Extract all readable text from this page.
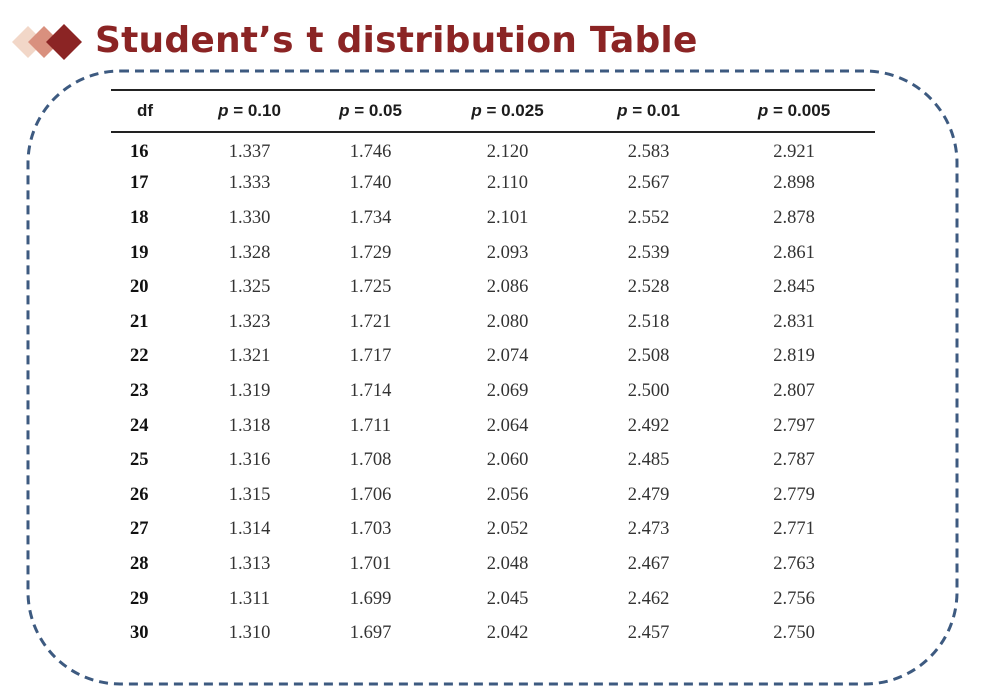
Student’s t distribution Table
df	p = 0.10	p = 0.05	p = 0.025	p = 0.01	p = 0.005
16	1.337	1.746	2.120	2.583	2.921
17	1.333	1.740	2.110	2.567	2.898
18	1.330	1.734	2.101	2.552	2.878
19	1.328	1.729	2.093	2.539	2.861
20	1.325	1.725	2.086	2.528	2.845
21	1.323	1.721	2.080	2.518	2.831
22	1.321	1.717	2.074	2.508	2.819
23	1.319	1.714	2.069	2.500	2.807
24	1.318	1.711	2.064	2.492	2.797
25	1.316	1.708	2.060	2.485	2.787
26	1.315	1.706	2.056	2.479	2.779
27	1.314	1.703	2.052	2.473	2.771
28	1.313	1.701	2.048	2.467	2.763
29	1.311	1.699	2.045	2.462	2.756
30	1.310	1.697	2.042	2.457	2.750
